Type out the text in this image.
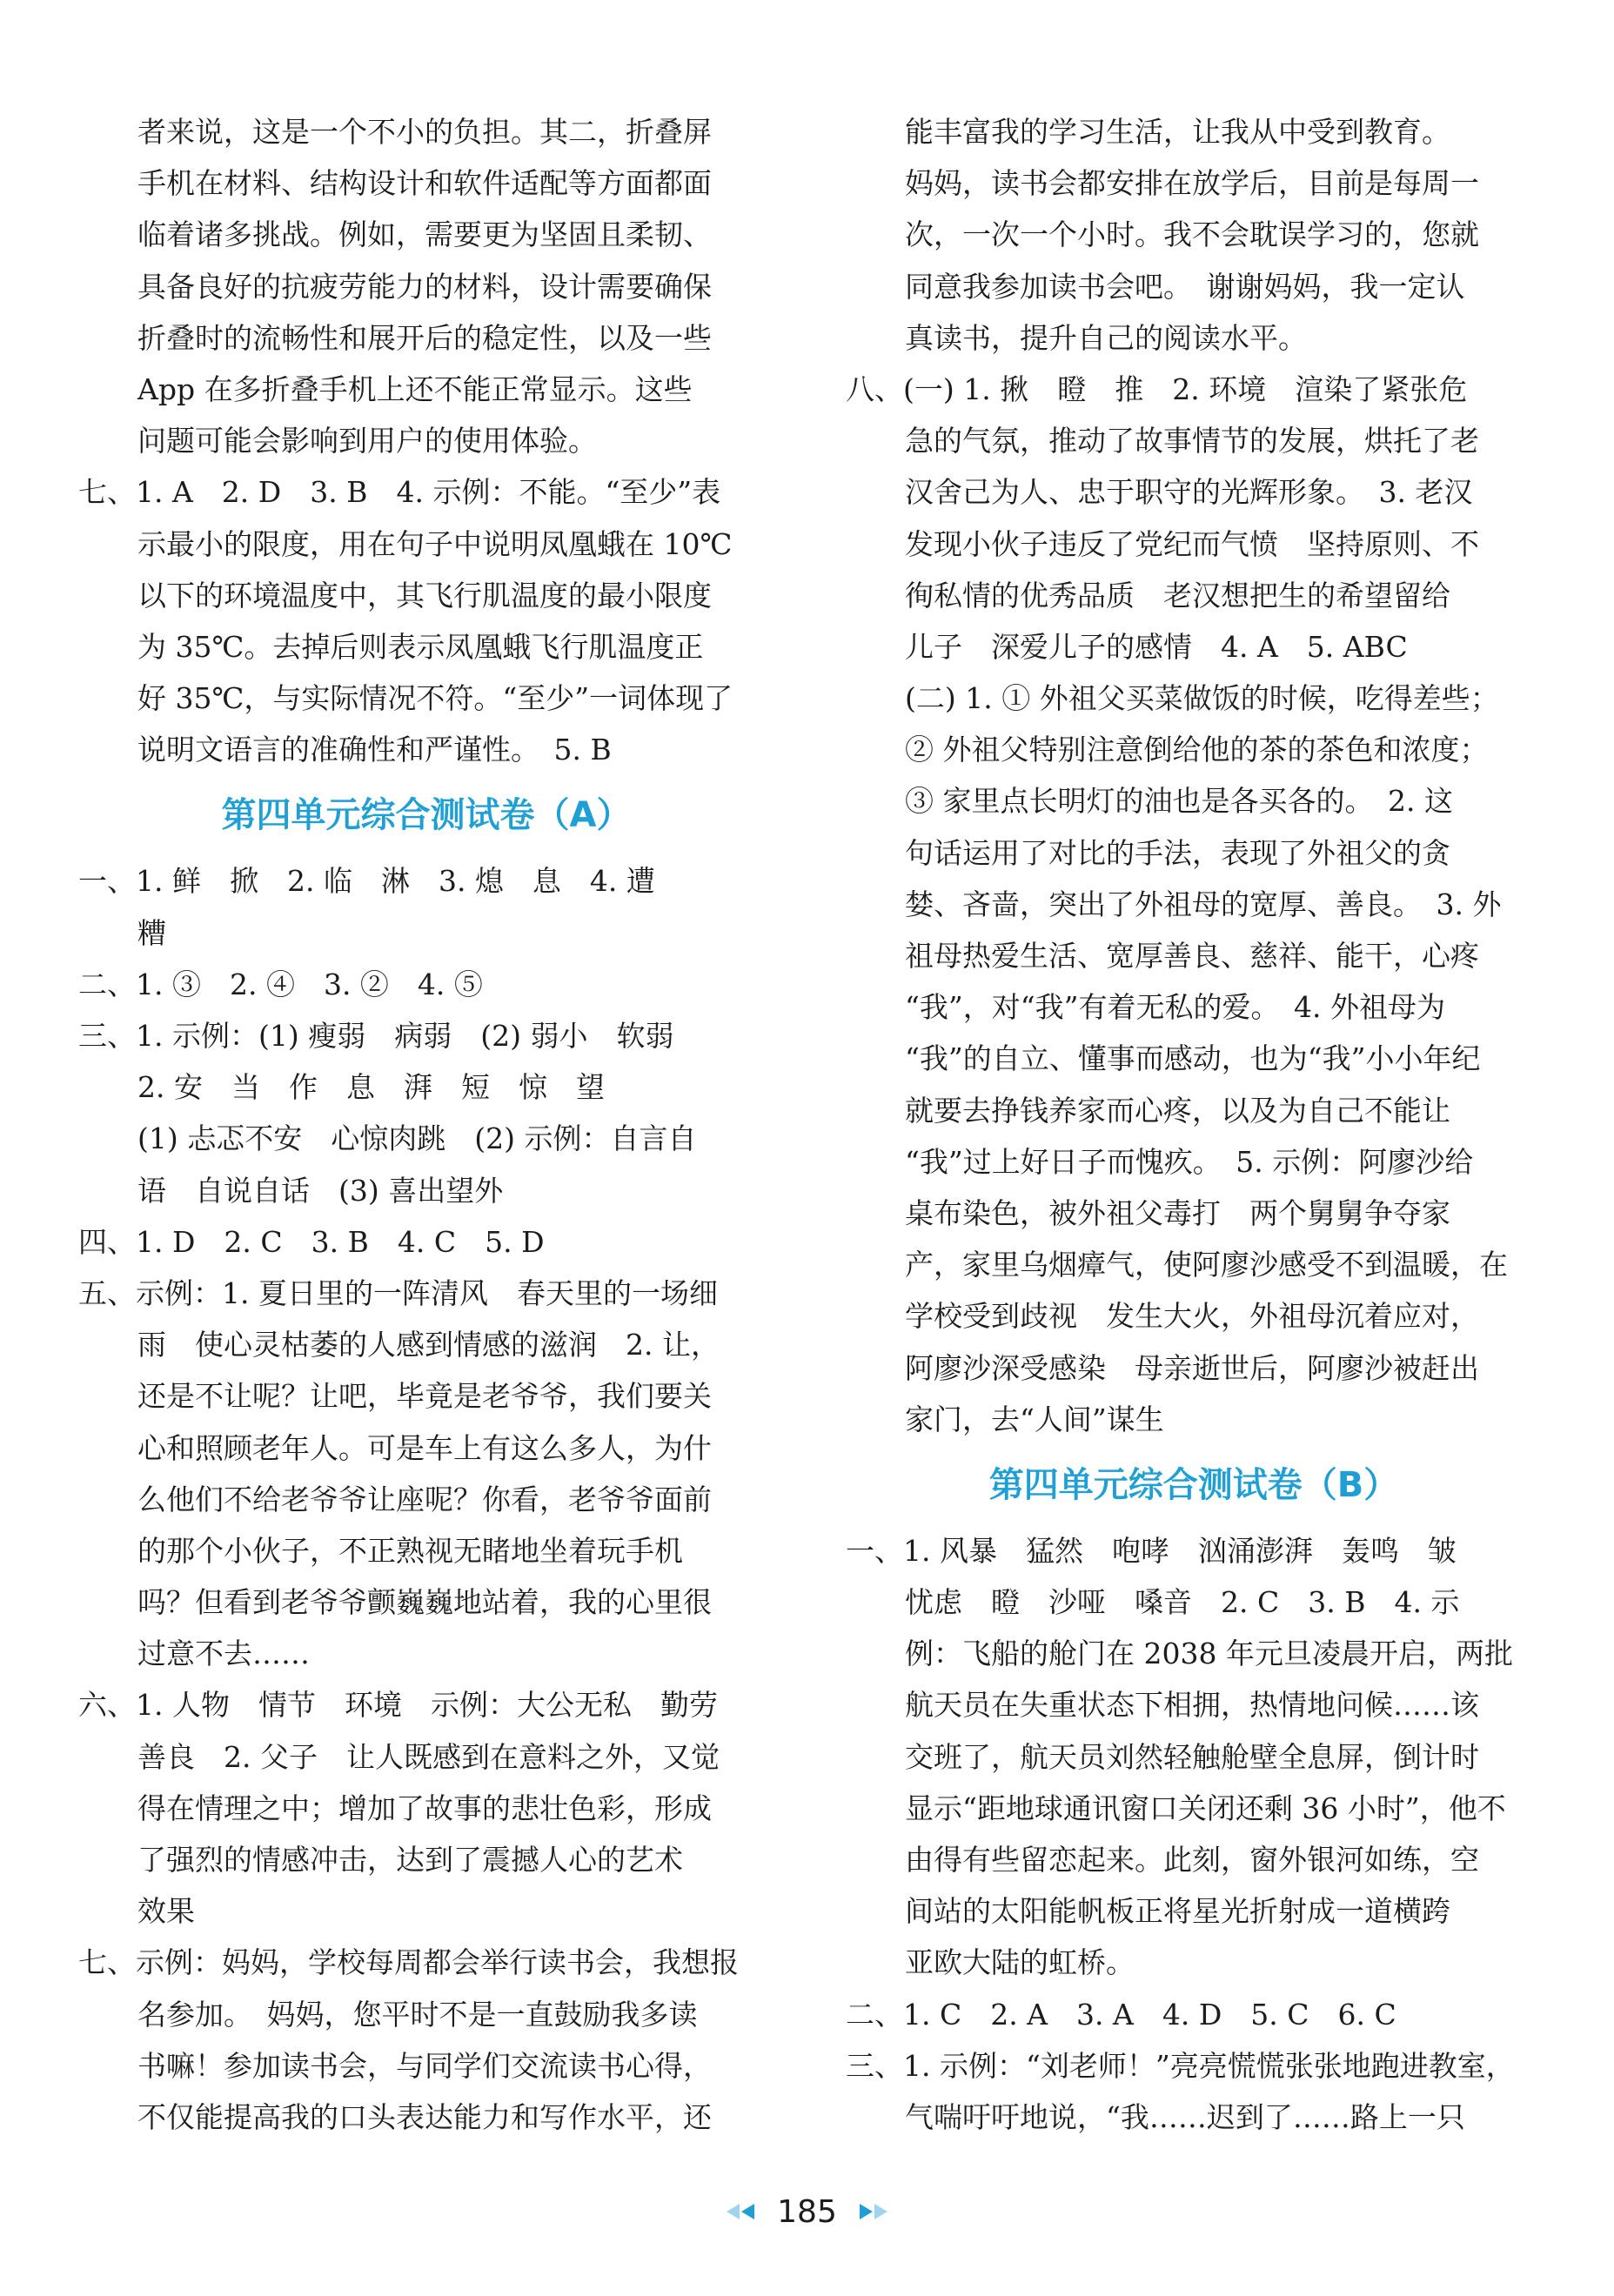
者来说，这是一个不小的负担。其二，折叠屏
手机在材料、结构设计和软件适配等方面都面
临着诸多挑战。例如，需要更为坚固且柔韧、
具备良好的抗疲劳能力的材料，设计需要确保
折叠时的流畅性和展开后的稳定性，以及一些
App 在多折叠手机上还不能正常显示。这些
问题可能会影响到用户的使用体验。
七、1. A　2. D　3. B　4. 示例：不能。“至少”表
示最小的限度，用在句子中说明凤凰蛾在 10℃
以下的环境温度中，其飞行肌温度的最小限度
为 35℃。去掉后则表示凤凰蛾飞行肌温度正
好 35℃，与实际情况不符。“至少”一词体现了
说明文语言的准确性和严谨性。　5. B
第四单元综合测试卷（A）
一、1. 鲜　掀　2. 临　淋　3. 熄　息　4. 遭
糟
二、1. ③　2. ④　3. ②　4. ⑤
三、1. 示例：(1) 瘦弱　病弱　(2) 弱小　软弱
2. 安　当　作　息　湃　短　惊　望
(1) 忐忑不安　心惊肉跳　(2) 示例：自言自
语　自说自话　(3) 喜出望外
四、1. D　2. C　3. B　4. C　5. D
五、示例：1. 夏日里的一阵清风　春天里的一场细
雨　使心灵枯萎的人感到情感的滋润　2. 让，
还是不让呢？让吧，毕竟是老爷爷，我们要关
心和照顾老年人。可是车上有这么多人，为什
么他们不给老爷爷让座呢？你看，老爷爷面前
的那个小伙子，不正熟视无睹地坐着玩手机
吗？但看到老爷爷颤巍巍地站着，我的心里很
过意不去……
六、1. 人物　情节　环境　示例：大公无私　勤劳
善良　2. 父子　让人既感到在意料之外，又觉
得在情理之中；增加了故事的悲壮色彩，形成
了强烈的情感冲击，达到了震撼人心的艺术
效果
七、示例：妈妈，学校每周都会举行读书会，我想报
名参加。　妈妈，您平时不是一直鼓励我多读
书嘛！参加读书会，与同学们交流读书心得，
不仅能提高我的口头表达能力和写作水平，还
能丰富我的学习生活，让我从中受到教育。
妈妈，读书会都安排在放学后，目前是每周一
次，一次一个小时。我不会耽误学习的，您就
同意我参加读书会吧。　谢谢妈妈，我一定认
真读书，提升自己的阅读水平。
八、(一) 1. 揪　瞪　推　2. 环境　渲染了紧张危
急的气氛，推动了故事情节的发展，烘托了老
汉舍己为人、忠于职守的光辉形象。　3. 老汉
发现小伙子违反了党纪而气愤　坚持原则、不
徇私情的优秀品质　老汉想把生的希望留给
儿子　深爱儿子的感情　4. A　5. ABC
(二) 1. ① 外祖父买菜做饭的时候，吃得差些；
② 外祖父特别注意倒给他的茶的茶色和浓度；
③ 家里点长明灯的油也是各买各的。　2. 这
句话运用了对比的手法，表现了外祖父的贪
婪、吝啬，突出了外祖母的宽厚、善良。　3. 外
祖母热爱生活、宽厚善良、慈祥、能干，心疼
“我”，对“我”有着无私的爱。　4. 外祖母为
“我”的自立、懂事而感动，也为“我”小小年纪
就要去挣钱养家而心疼，以及为自己不能让
“我”过上好日子而愧疚。　5. 示例：阿廖沙给
桌布染色，被外祖父毒打　两个舅舅争夺家
产，家里乌烟瘴气，使阿廖沙感受不到温暖，在
学校受到歧视　发生大火，外祖母沉着应对，
阿廖沙深受感染　母亲逝世后，阿廖沙被赶出
家门，去“人间”谋生
第四单元综合测试卷（B）
一、1. 风暴　猛然　咆哮　汹涌澎湃　轰鸣　皱
忧虑　瞪　沙哑　嗓音　2. C　3. B　4. 示
例：飞船的舱门在 2038 年元旦凌晨开启，两批
航天员在失重状态下相拥，热情地问候……该
交班了，航天员刘然轻触舱壁全息屏，倒计时
显示“距地球通讯窗口关闭还剩 36 小时”，他不
由得有些留恋起来。此刻，窗外银河如练，空
间站的太阳能帆板正将星光折射成一道横跨
亚欧大陆的虹桥。
二、1. C　2. A　3. A　4. D　5. C　6. C
三、1. 示例：“刘老师！”亮亮慌慌张张地跑进教室，
气喘吁吁地说，“我……迟到了……路上一只
185
